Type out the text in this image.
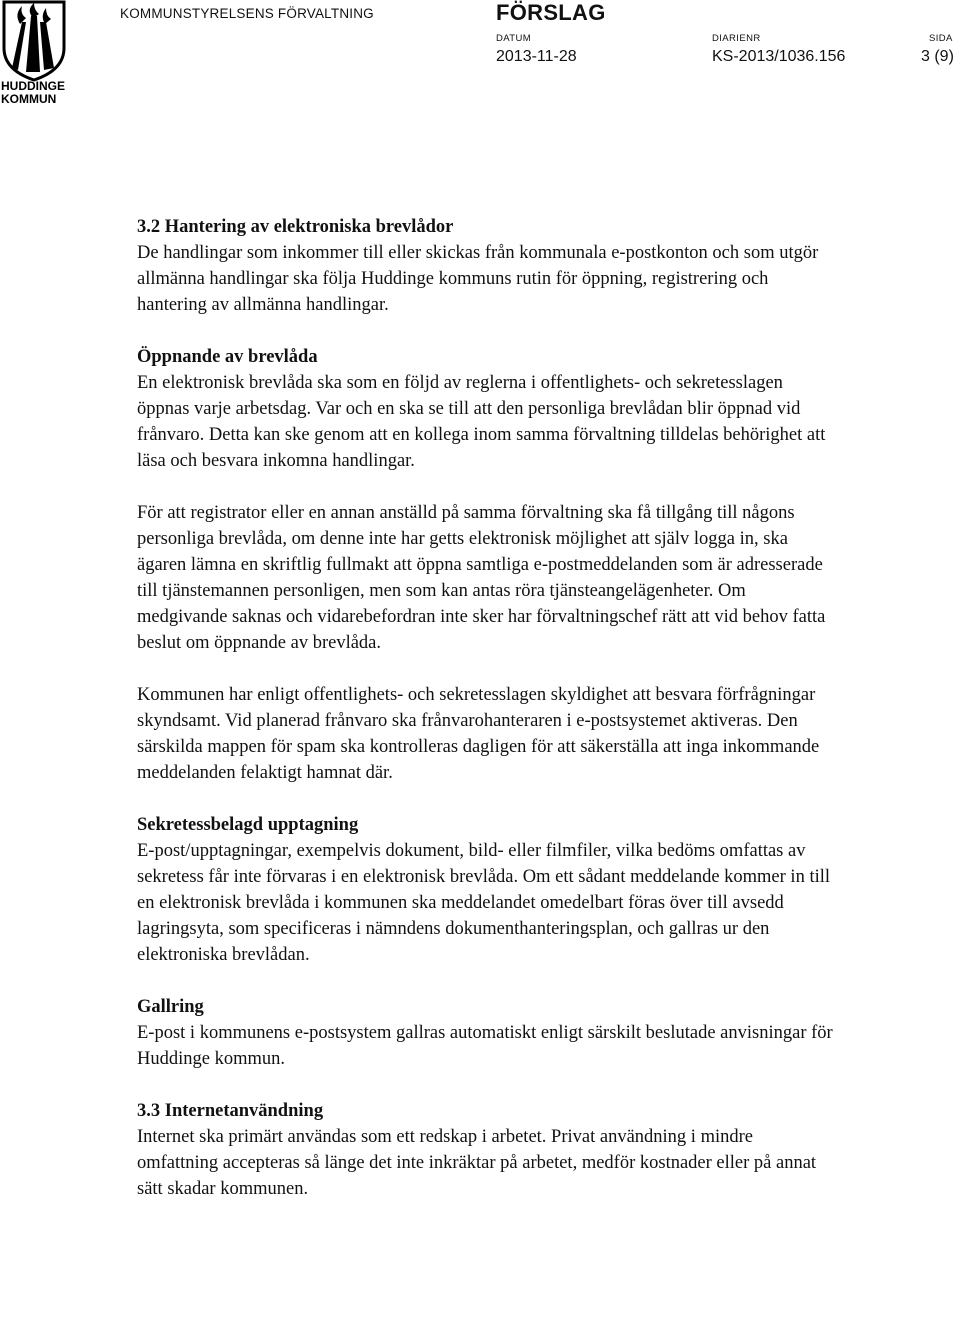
HUDDINGE
KOMMUN
KOMMUNSTYRELSENS FÖRVALTNING	FÖRSLAG
DATUM	DIARIENR	SIDA
2013-11-28	KS-2013/1036.156	3 (9)
3.2 Hantering av elektroniska brevlådor

De handlingar som inkommer till eller skickas från kommunala e-postkonton och som utgör allmänna handlingar ska följa Huddinge kommuns rutin för öppning, registrering och hantering av allmänna handlingar.

Öppnande av brevlåda

En elektronisk brevlåda ska som en följd av reglerna i offentlighets- och sekretesslagen öppnas varje arbetsdag. Var och en ska se till att den personliga brevlådan blir öppnad vid frånvaro. Detta kan ske genom att en kollega inom samma förvaltning tilldelas behörighet att läsa och besvara inkomna handlingar.

För att registrator eller en annan anställd på samma förvaltning ska få tillgång till någons personliga brevlåda, om denne inte har getts elektronisk möjlighet att själv logga in, ska ägaren lämna en skriftlig fullmakt att öppna samtliga e-postmeddelanden som är adresserade till tjänstemannen personligen, men som kan antas röra tjänsteangelägenheter. Om medgivande saknas och vidarebefordran inte sker har förvaltningschef rätt att vid behov fatta beslut om öppnande av brevlåda.

Kommunen har enligt offentlighets- och sekretesslagen skyldighet att besvara förfrågningar skyndsamt. Vid planerad frånvaro ska frånvarohanteraren i e-postsystemet aktiveras. Den särskilda mappen för spam ska kontrolleras dagligen för att säkerställa att inga inkommande meddelanden felaktigt hamnat där.

Sekretessbelagd upptagning

E-post/upptagningar, exempelvis dokument, bild- eller filmfiler, vilka bedöms omfattas av sekretess får inte förvaras i en elektronisk brevlåda. Om ett sådant meddelande kommer in till en elektronisk brevlåda i kommunen ska meddelandet omedelbart föras över till avsedd lagringsyta, som specificeras i nämndens dokumenthanteringsplan, och gallras ur den elektroniska brevlådan.

Gallring

E-post i kommunens e-postsystem gallras automatiskt enligt särskilt beslutade anvisningar för Huddinge kommun.

3.3 Internetanvändning

Internet ska primärt användas som ett redskap i arbetet. Privat användning i mindre omfattning accepteras så länge det inte inkräktar på arbetet, medför kostnader eller på annat sätt skadar kommunen.
